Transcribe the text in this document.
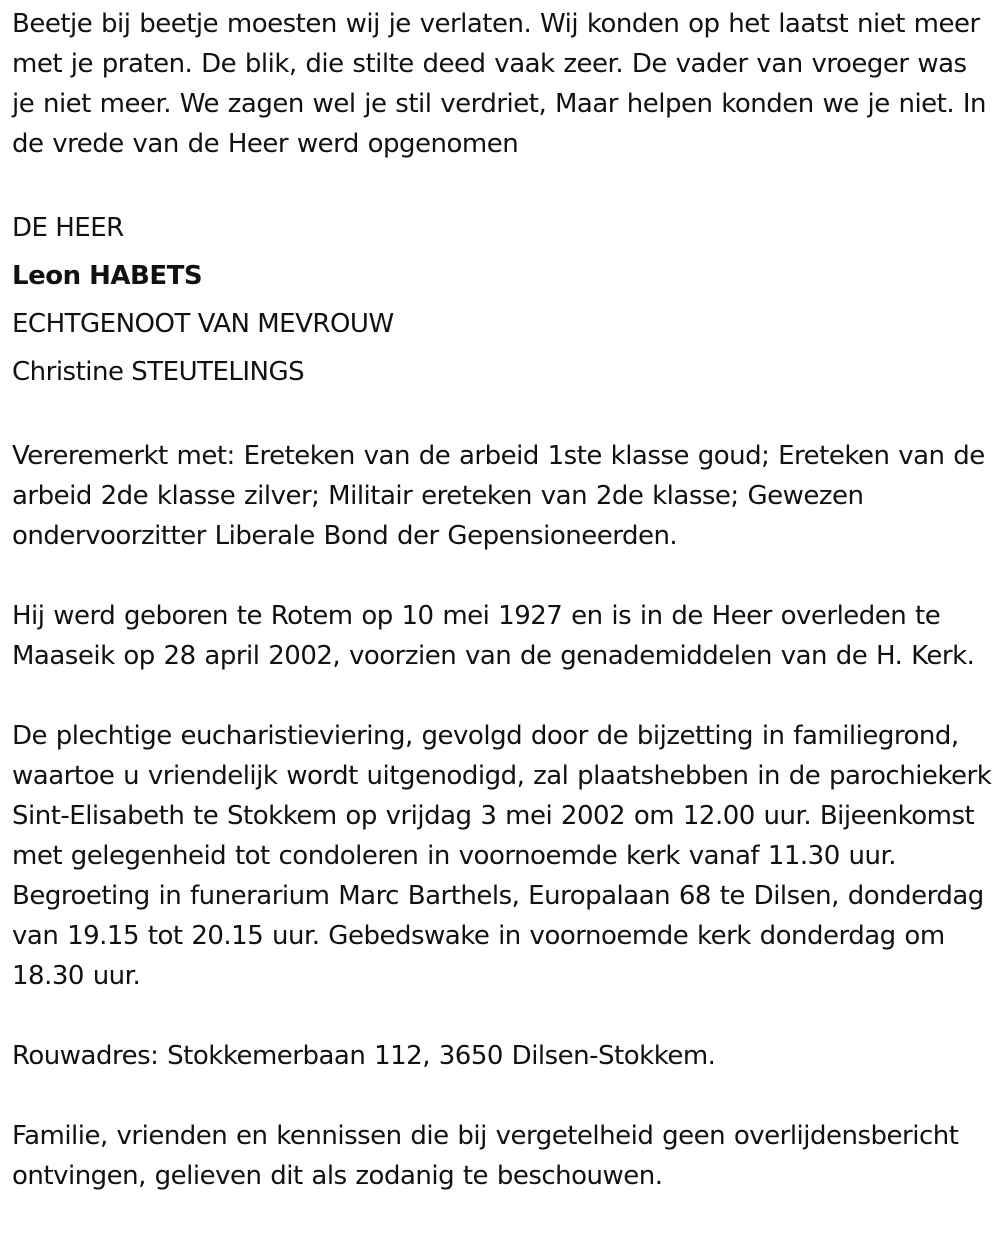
Beetje bij beetje moesten wij je verlaten. Wij konden op het laatst niet meer met je praten. De blik, die stilte deed vaak zeer. De vader van vroeger was je niet meer. We zagen wel je stil verdriet, Maar helpen konden we je niet. In de vrede van de Heer werd opgenomen

DE HEER

Leon HABETS

ECHTGENOOT VAN MEVROUW

Christine STEUTELINGS

Vereremerkt met: Ereteken van de arbeid 1ste klasse goud; Ereteken van de arbeid 2de klasse zilver; Militair ereteken van 2de klasse; Gewezen ondervoorzitter Liberale Bond der Gepensioneerden.

Hij werd geboren te Rotem op 10 mei 1927 en is in de Heer overleden te Maaseik op 28 april 2002, voorzien van de genademiddelen van de H. Kerk.

De plechtige eucharistieviering, gevolgd door de bijzetting in familiegrond, waartoe u vriendelijk wordt uitgenodigd, zal plaatshebben in de parochiekerk Sint-Elisabeth te Stokkem op vrijdag 3 mei 2002 om 12.00 uur. Bijeenkomst met gelegenheid tot condoleren in voornoemde kerk vanaf 11.30 uur. Begroeting in funerarium Marc Barthels, Europalaan 68 te Dilsen, donderdag van 19.15 tot 20.15 uur. Gebedswake in voornoemde kerk donderdag om 18.30 uur.

Rouwadres: Stokkemerbaan 112, 3650 Dilsen-Stokkem.

Familie, vrienden en kennissen die bij vergetelheid geen overlijdensbericht ontvingen, gelieven dit als zodanig te beschouwen.
